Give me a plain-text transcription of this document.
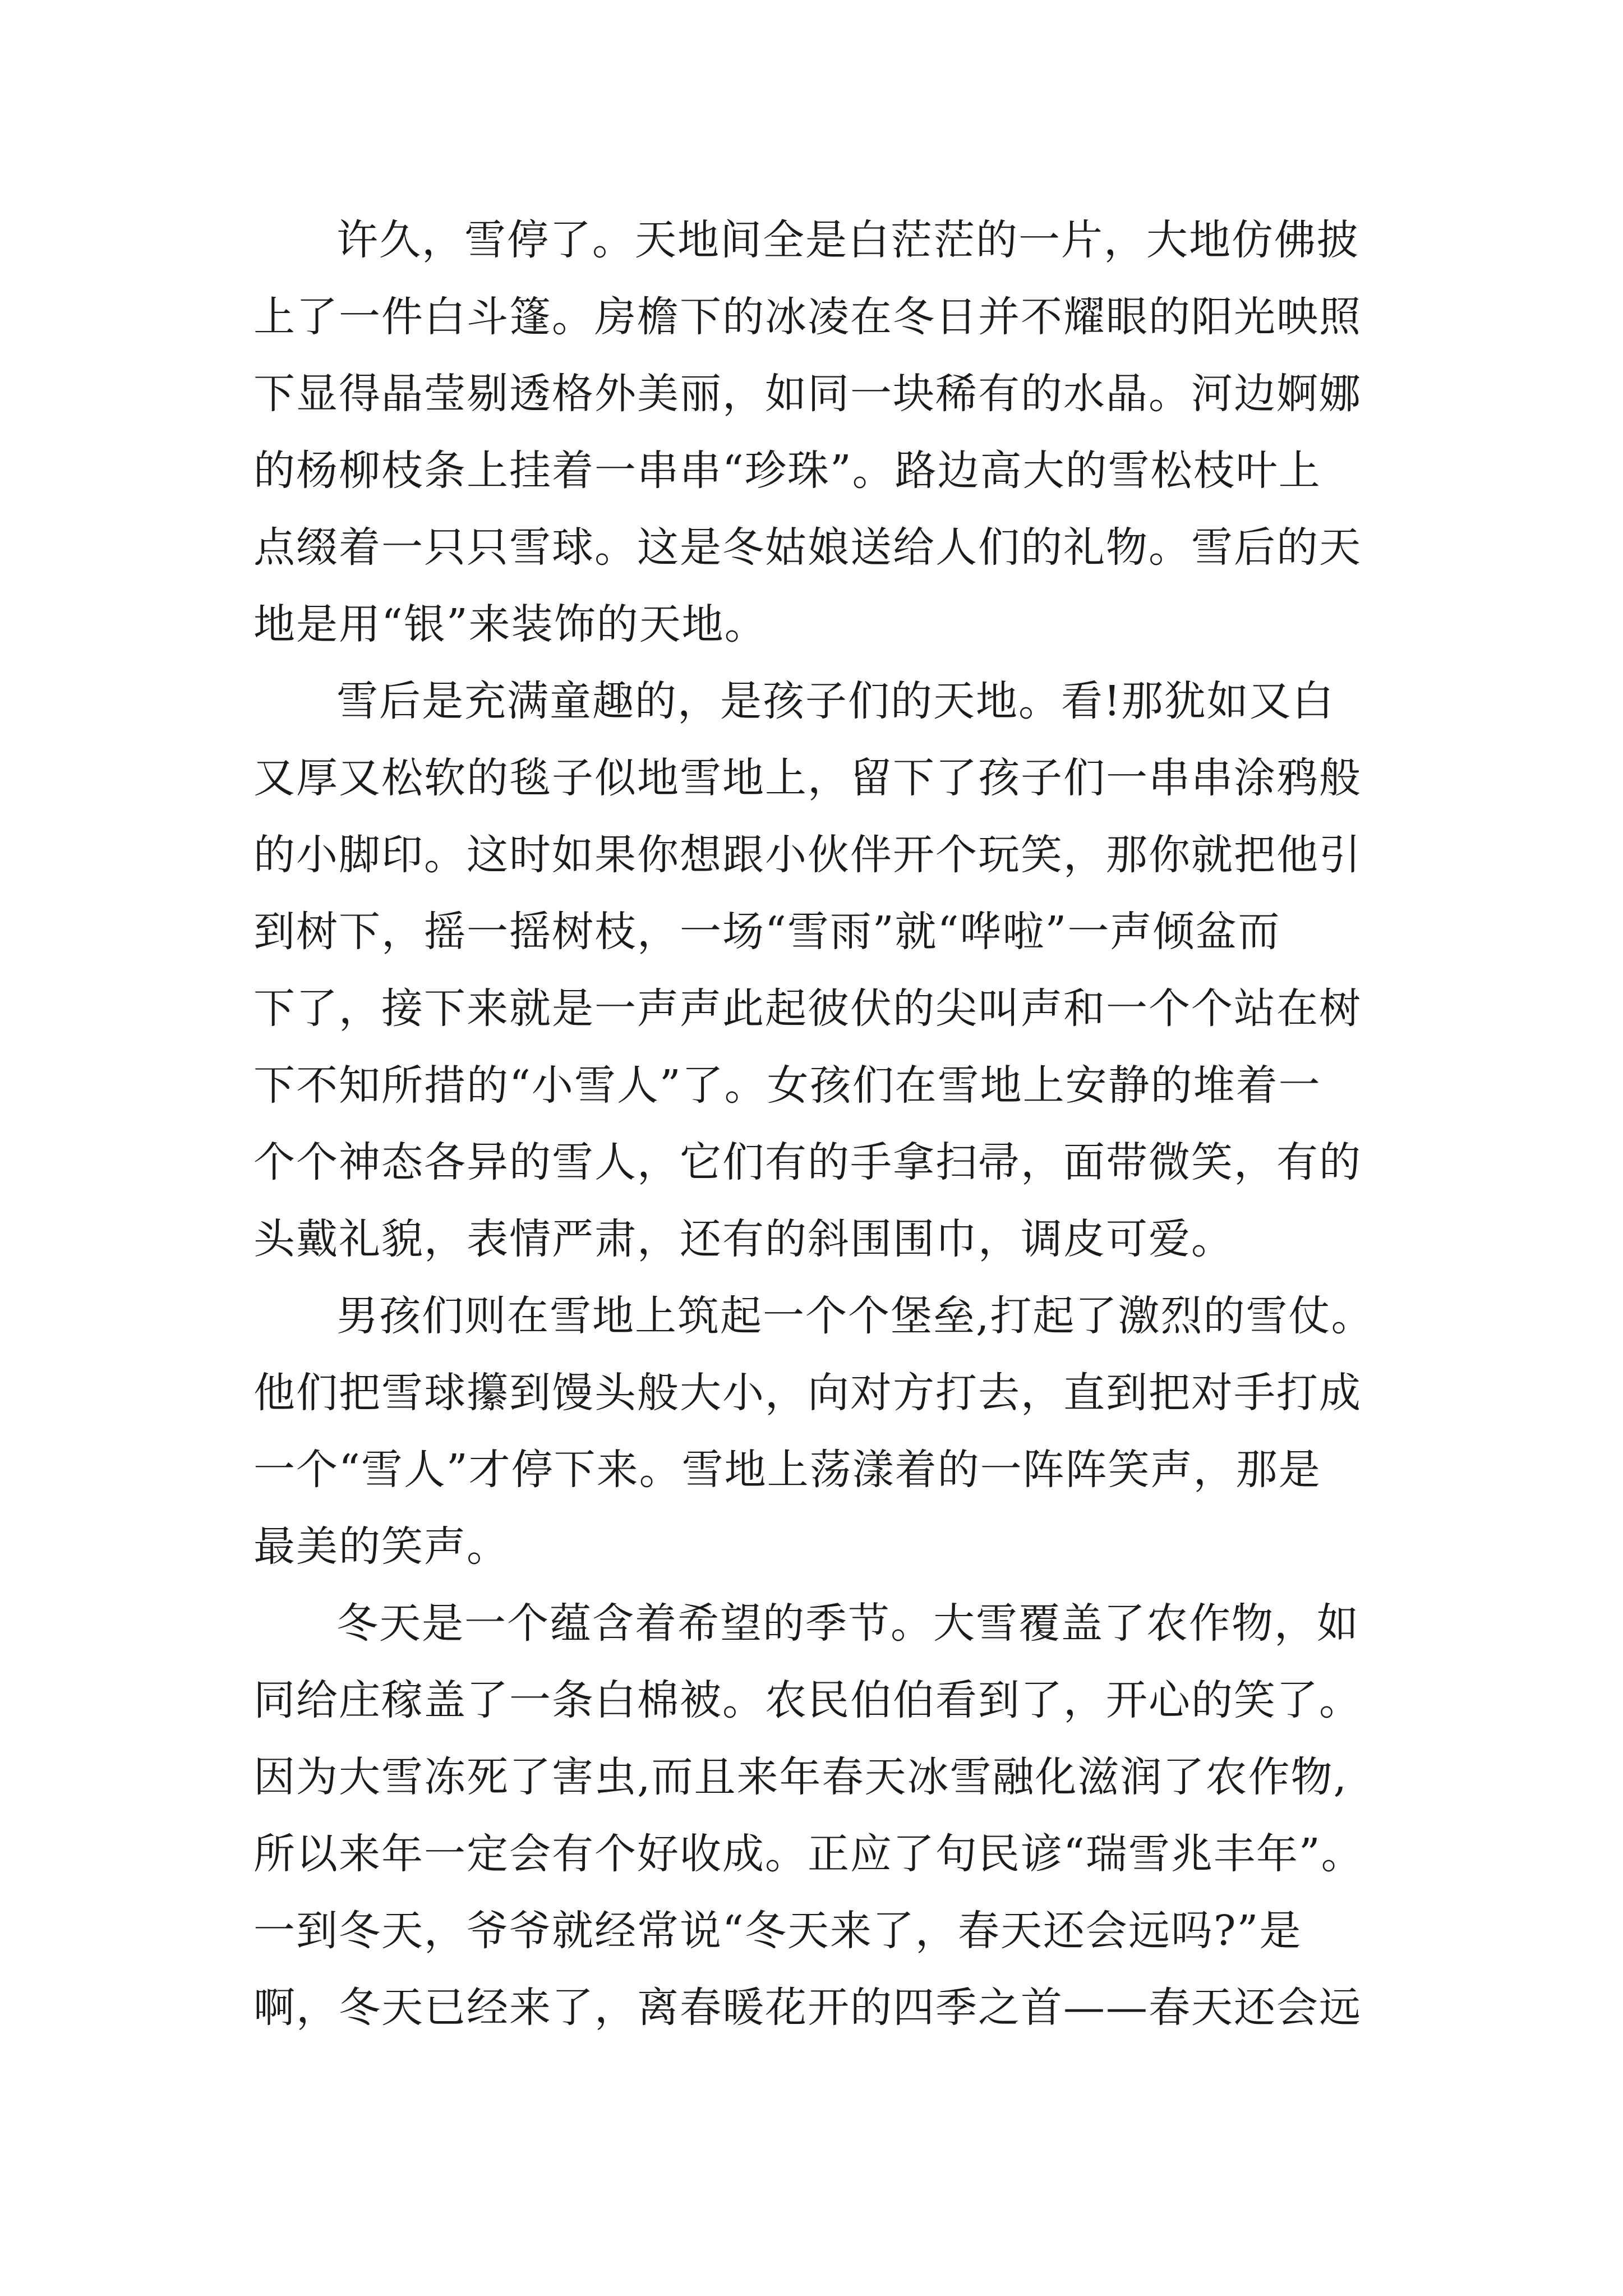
许久，雪停了。天地间全是白茫茫的一片，大地仿佛披
上了一件白斗篷。房檐下的冰凌在冬日并不耀眼的阳光映照
下显得晶莹剔透格外美丽，如同一块稀有的水晶。河边婀娜
的杨柳枝条上挂着一串串“珍珠”。路边高大的雪松枝叶上
点缀着一只只雪球。这是冬姑娘送给人们的礼物。雪后的天
地是用“银”来装饰的天地。
雪后是充满童趣的，是孩子们的天地。看!那犹如又白
又厚又松软的毯子似地雪地上，留下了孩子们一串串涂鸦般
的小脚印。这时如果你想跟小伙伴开个玩笑，那你就把他引
到树下，摇一摇树枝，一场“雪雨”就“哗啦”一声倾盆而
下了，接下来就是一声声此起彼伏的尖叫声和一个个站在树
下不知所措的“小雪人”了。女孩们在雪地上安静的堆着一
个个神态各异的雪人，它们有的手拿扫帚，面带微笑，有的
头戴礼貌，表情严肃，还有的斜围围巾，调皮可爱。
男孩们则在雪地上筑起一个个堡垒,打起了激烈的雪仗。
他们把雪球攥到馒头般大小，向对方打去，直到把对手打成
一个“雪人”才停下来。雪地上荡漾着的一阵阵笑声，那是
最美的笑声。
冬天是一个蕴含着希望的季节。大雪覆盖了农作物，如
同给庄稼盖了一条白棉被。农民伯伯看到了，开心的笑了。
因为大雪冻死了害虫,而且来年春天冰雪融化滋润了农作物,
所以来年一定会有个好收成。正应了句民谚“瑞雪兆丰年”。
一到冬天，爷爷就经常说“冬天来了，春天还会远吗?”是
啊，冬天已经来了，离春暖花开的四季之首——春天还会远
